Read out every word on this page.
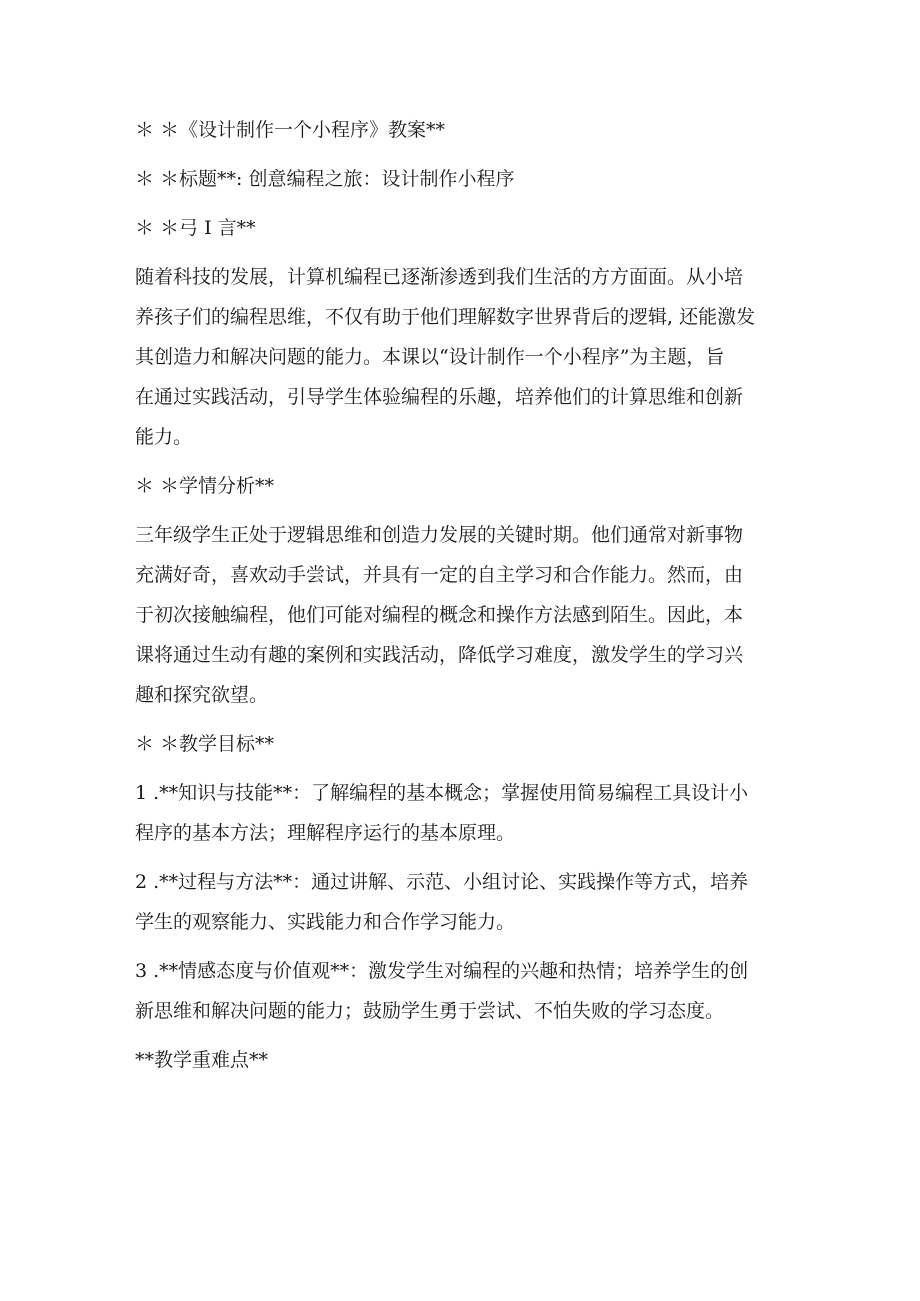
＊ ＊《设计制作一个小程序》教案**
＊ ＊标题**: 创意编程之旅：设计制作小程序
＊ ＊弓 I 言**
随着科技的发展，计算机编程已逐渐渗透到我们生活的方方面面。从小培
养孩子们的编程思维，不仅有助于他们理解数字世界背后的逻辑, 还能激发
其创造力和解决问题的能力。本课以“设计制作一个小程序”为主题，旨
在通过实践活动，引导学生体验编程的乐趣，培养他们的计算思维和创新
能力。
＊ ＊学情分析**
三年级学生正处于逻辑思维和创造力发展的关键时期。他们通常对新事物
充满好奇，喜欢动手尝试，并具有一定的自主学习和合作能力。然而，由
于初次接触编程，他们可能对编程的概念和操作方法感到陌生。因此，本
课将通过生动有趣的案例和实践活动，降低学习难度，激发学生的学习兴
趣和探究欲望。
＊ ＊教学目标**
1 .**知识与技能**：了解编程的基本概念；掌握使用简易编程工具设计小
程序的基本方法；理解程序运行的基本原理。
2 .**过程与方法**：通过讲解、示范、小组讨论、实践操作等方式，培养
学生的观察能力、实践能力和合作学习能力。
3 .**情感态度与价值观**：激发学生对编程的兴趣和热情；培养学生的创
新思维和解决问题的能力；鼓励学生勇于尝试、不怕失败的学习态度。
**教学重难点**
